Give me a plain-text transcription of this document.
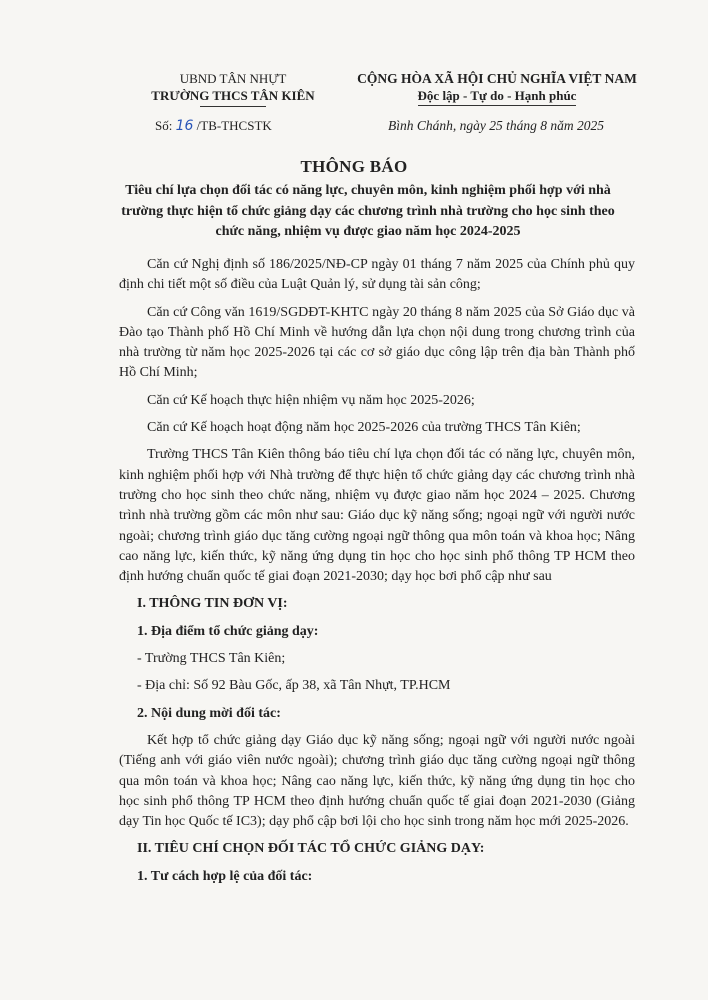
UBND TÂN NHỰT
TRƯỜNG THCS TÂN KIÊN
CỘNG HÒA XÃ HỘI CHỦ NGHĨA VIỆT NAM
Độc lập - Tự do - Hạnh phúc
Số: 16 /TB-THCSTK	Bình Chánh, ngày 25 tháng 8 năm 2025
THÔNG BÁO
Tiêu chí lựa chọn đối tác có năng lực, chuyên môn, kinh nghiệm phối hợp với nhà trường thực hiện tổ chức giảng dạy các chương trình nhà trường cho học sinh theo chức năng, nhiệm vụ được giao năm học 2024-2025

Căn cứ Nghị định số 186/2025/NĐ-CP ngày 01 tháng 7 năm 2025 của Chính phủ quy định chi tiết một số điều của Luật Quản lý, sử dụng tài sản công;

Căn cứ Công văn 1619/SGDĐT-KHTC ngày 20 tháng 8 năm 2025 của Sở Giáo dục và Đào tạo Thành phố Hồ Chí Minh về hướng dẫn lựa chọn nội dung trong chương trình của nhà trường từ năm học 2025-2026 tại các cơ sở giáo dục công lập trên địa bàn Thành phố Hồ Chí Minh;

Căn cứ Kế hoạch thực hiện nhiệm vụ năm học 2025-2026;

Căn cứ Kế hoạch hoạt động năm học 2025-2026 của trường THCS Tân Kiên;

Trường THCS Tân Kiên thông báo tiêu chí lựa chọn đối tác có năng lực, chuyên môn, kinh nghiệm phối hợp với Nhà trường để thực hiện tổ chức giảng dạy các chương trình nhà trường cho học sinh theo chức năng, nhiệm vụ được giao năm học 2024 – 2025. Chương trình nhà trường gồm các môn như sau: Giáo dục kỹ năng sống; ngoại ngữ với người nước ngoài; chương trình giáo dục tăng cường ngoại ngữ thông qua môn toán và khoa học; Nâng cao năng lực, kiến thức, kỹ năng ứng dụng tin học cho học sinh phổ thông TP HCM theo định hướng chuẩn quốc tế giai đoạn 2021-2030; dạy học bơi phổ cập như sau

I. THÔNG TIN ĐƠN VỊ:
1. Địa điểm tổ chức giảng dạy:
- Trường THCS Tân Kiên;
- Địa chỉ: Số 92 Bàu Gốc, ấp 38, xã Tân Nhựt, TP.HCM
2. Nội dung mời đối tác:

Kết hợp tổ chức giảng dạy Giáo dục kỹ năng sống; ngoại ngữ với người nước ngoài (Tiếng anh với giáo viên nước ngoài); chương trình giáo dục tăng cường ngoại ngữ thông qua môn toán và khoa học; Nâng cao năng lực, kiến thức, kỹ năng ứng dụng tin học cho học sinh phổ thông TP HCM theo định hướng chuẩn quốc tế giai đoạn 2021-2030 (Giảng dạy Tin học Quốc tế IC3); dạy phổ cập bơi lội cho học sinh trong năm học mới 2025-2026.

II. TIÊU CHÍ CHỌN ĐỐI TÁC TỔ CHỨC GIẢNG DẠY:
1. Tư cách hợp lệ của đối tác:
